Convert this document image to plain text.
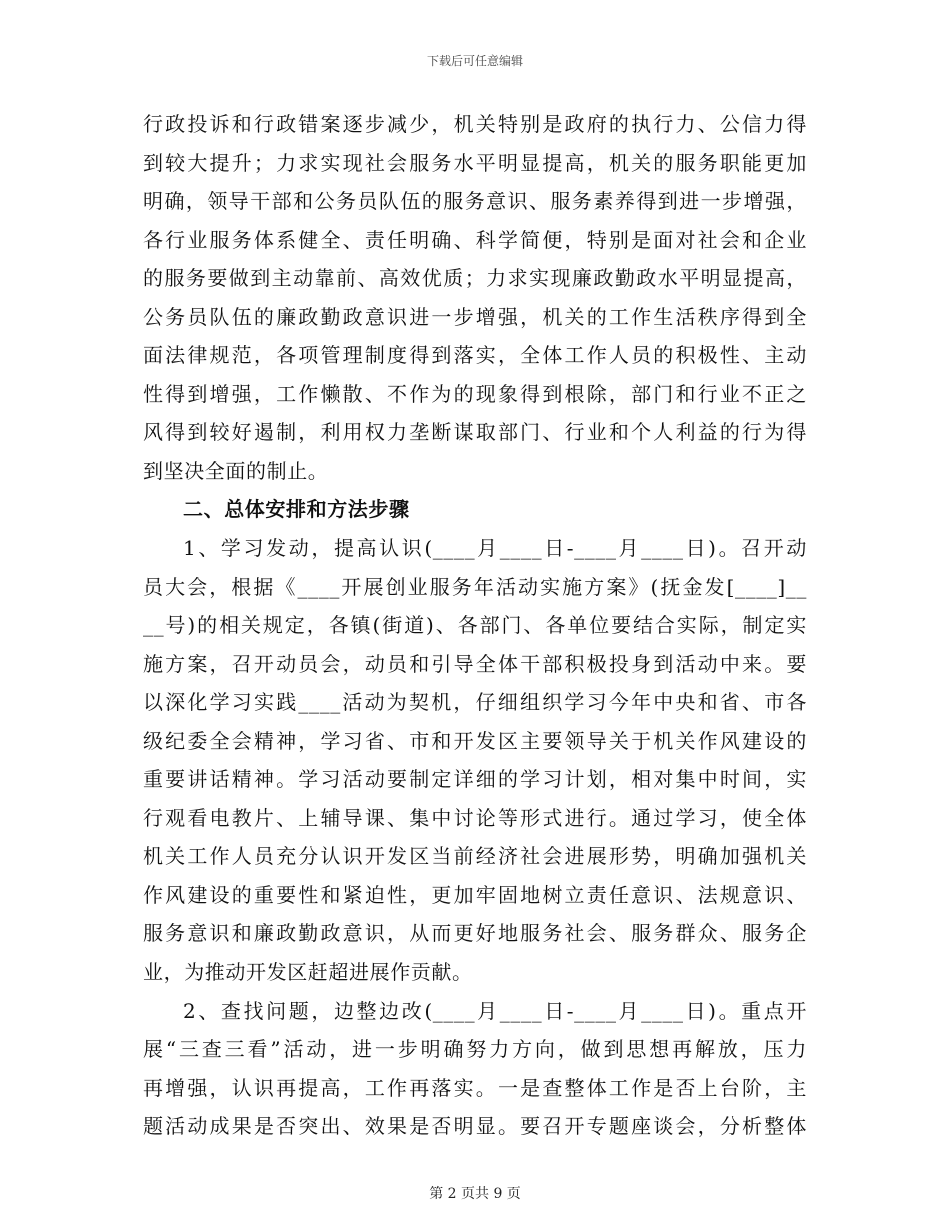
下载后可任意编辑
行政投诉和行政错案逐步减少，机关特别是政府的执行力、公信力得
到较大提升；力求实现社会服务水平明显提高，机关的服务职能更加
明确，领导干部和公务员队伍的服务意识、服务素养得到进一步增强，
各行业服务体系健全、责任明确、科学简便，特别是面对社会和企业
的服务要做到主动靠前、高效优质；力求实现廉政勤政水平明显提高，
公务员队伍的廉政勤政意识进一步增强，机关的工作生活秩序得到全
面法律规范，各项管理制度得到落实，全体工作人员的积极性、主动
性得到增强，工作懒散、不作为的现象得到根除，部门和行业不正之
风得到较好遏制，利用权力垄断谋取部门、行业和个人利益的行为得
到坚决全面的制止。
二、总体安排和方法步骤
1、学习发动，提高认识(____月____日-____月____日)。召开动
员大会，根据《____开展创业服务年活动实施方案》(抚金发[____]__
__号)的相关规定，各镇(街道)、各部门、各单位要结合实际，制定实
施方案，召开动员会，动员和引导全体干部积极投身到活动中来。要
以深化学习实践____活动为契机，仔细组织学习今年中央和省、市各
级纪委全会精神，学习省、市和开发区主要领导关于机关作风建设的
重要讲话精神。学习活动要制定详细的学习计划，相对集中时间，实
行观看电教片、上辅导课、集中讨论等形式进行。通过学习，使全体
机关工作人员充分认识开发区当前经济社会进展形势，明确加强机关
作风建设的重要性和紧迫性，更加牢固地树立责任意识、法规意识、
服务意识和廉政勤政意识，从而更好地服务社会、服务群众、服务企
业，为推动开发区赶超进展作贡献。
2、查找问题，边整边改(____月____日-____月____日)。重点开
展“三查三看”活动，进一步明确努力方向，做到思想再解放，压力
再增强，认识再提高，工作再落实。一是查整体工作是否上台阶，主
题活动成果是否突出、效果是否明显。要召开专题座谈会，分析整体
第 2 页共 9 页
